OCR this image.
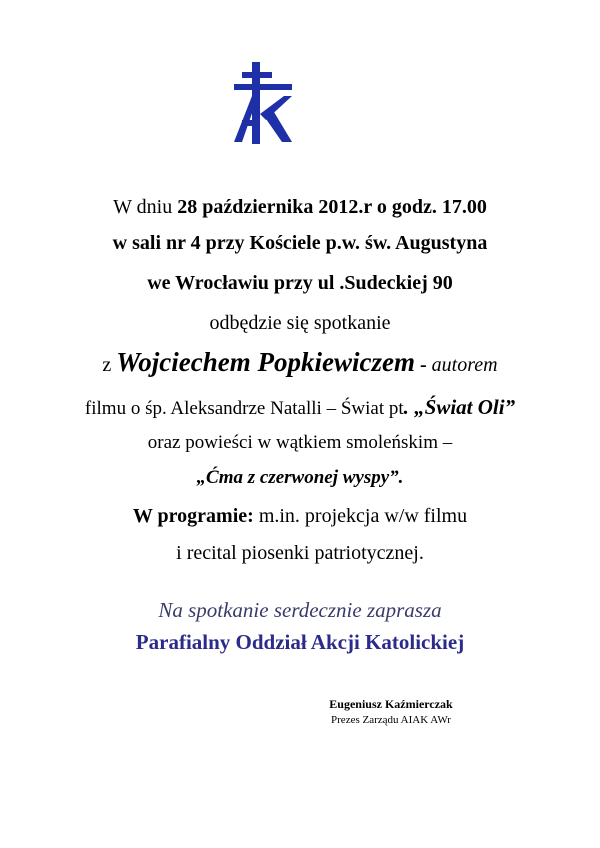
W dniu 28 października 2012.r o godz. 17.00
w sali nr 4 przy Kościele p.w. św. Augustyna
we Wrocławiu przy ul .Sudeckiej 90
odbędzie się spotkanie
z Wojciechem Popkiewiczem - autorem
filmu o śp. Aleksandrze Natalli – Świat pt. „Świat Oli”
oraz powieści w wątkiem smoleńskim –
„Ćma z czerwonej wyspy”.
W programie: m.in. projekcja w/w filmu
i recital piosenki patriotycznej.
Na spotkanie serdecznie zaprasza
Parafialny Oddział Akcji Katolickiej
Eugeniusz Kaźmierczak
Prezes Zarządu AIAK AWr
